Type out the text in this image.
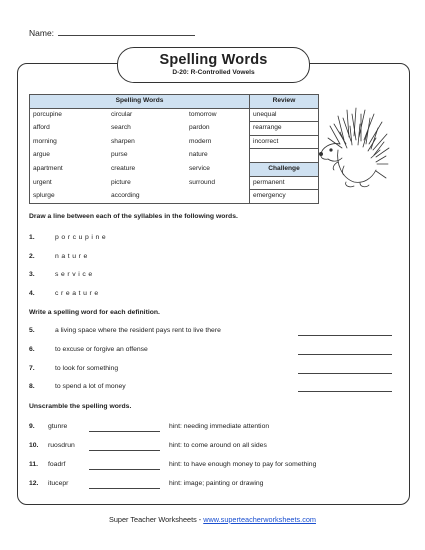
Name:
Spelling Words
D-20: R-Controlled Vowels
Spelling Words			Review
porcupine	circular	tomorrow	unequal
afford	search	pardon	rearrange
morning	sharpen	modern	incorrect
argue	purse	nature	
apartment	creature	service	Challenge
urgent	picture	surround	permanent
splurge	according		emergency
Draw a line between each of the syllables in the following words.
1.	porcupine
2.	nature
3.	service
4.	creature
Write a spelling word for each definition.
5.	a living space where the resident pays rent to live there
6.	to excuse or forgive an offense
7.	to look for something
8.	to spend a lot of money
Unscramble the spelling words.
9. gtunre	hint: needing immediate attention
10. ruosdrun	hint: to come around on all sides
11. foadrf	hint: to have enough money to pay for something
12. itucepr	hint: image; painting or drawing
Super Teacher Worksheets - www.superteacherworksheets.com
